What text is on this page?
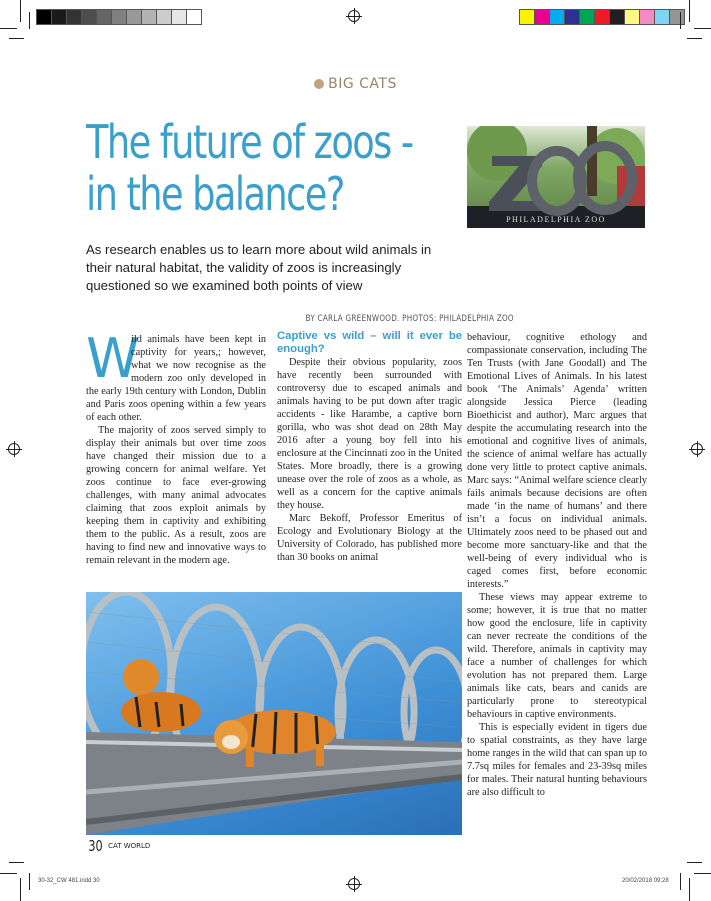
30-32_CW 481.indd 30	20/02/2018 09:28
BIG CATS
The future of zoos -
in the balance?	PHILADELPHIA ZOO

As research enables us to learn more about wild animals in their natural habitat, the validity of zoos is increasingly questioned so we examined both points of view

BY CARLA GREENWOOD. PHOTOS: PHILADELPHIA ZOO
W

ild animals have been kept in captivity for years,; however, what we now recognise as the modern zoo only developed in the early 19th century with London, Dublin and Paris zoos opening within a few years of each other.

The majority of zoos served simply to display their animals but over time zoos have changed their mission due to a growing concern for animal welfare. Yet zoos continue to face ever-growing challenges, with many animal advocates claiming that zoos exploit animals by keeping them in captivity and exhibiting them to the public. As a result, zoos are having to find new and innovative ways to remain relevant in the modern age.

Captive vs wild – will it ever be enough?

Despite their obvious popularity, zoos have recently been surrounded with controversy due to escaped animals and animals having to be put down after tragic accidents - like Harambe, a captive born gorilla, who was shot dead on 28th May 2016 after a young boy fell into his enclosure at the Cincinnati zoo in the United States. More broadly, there is a growing unease over the role of zoos as a whole, as well as a concern for the captive animals they house.

Marc Bekoff, Professor Emeritus of Ecology and Evolutionary Biology at the University of Colorado, has published more than 30 books on animal

behaviour, cognitive ethology and compassionate conservation, including The Ten Trusts (with Jane Goodall) and The Emotional Lives of Animals. In his latest book ‘The Animals’ Agenda’ written alongside Jessica Pierce (leading Bioethicist and author), Marc argues that despite the accumulating research into the emotional and cognitive lives of animals, the science of animal welfare has actually done very little to protect captive animals. Marc says: “Animal welfare science clearly fails animals because decisions are often made ‘in the name of humans’ and there isn’t a focus on individual animals. Ultimately zoos need to be phased out and become more sanctuary-like and that the well-being of every individual who is caged comes first, before economic interests.”

These views may appear extreme to some; however, it is true that no matter how good the enclosure, life in captivity can never recreate the conditions of the wild. Therefore, animals in captivity may face a number of challenges for which evolution has not prepared them. Large animals like cats, bears and canids are particularly prone to stereotypical behaviours in captive environments.

This is especially evident in tigers due to spatial constraints, as they have large home ranges in the wild that can span up to 7.7sq miles for females and 23-39sq miles for males. Their natural hunting behaviours are also difficult to

30 $^{CAT WORLD}$
